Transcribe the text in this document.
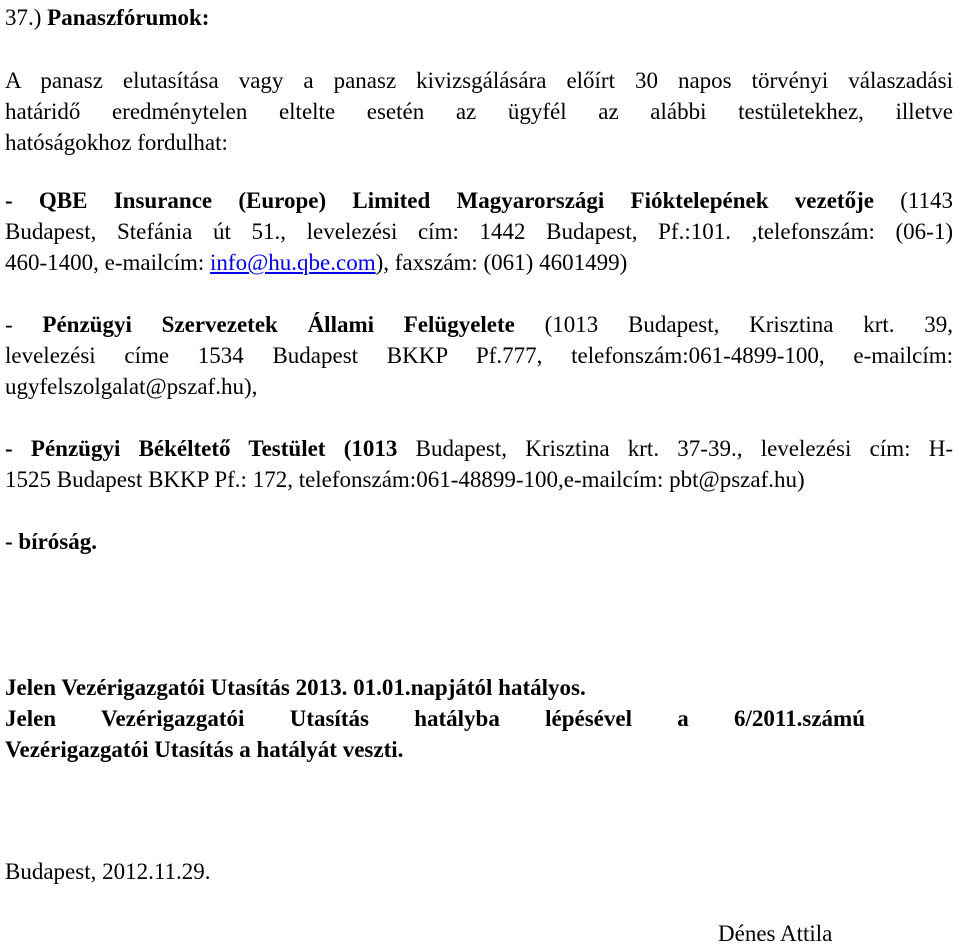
37.) Panaszfórumok:
A panasz elutasítása vagy a panasz kivizsgálására előírt 30 napos törvényi válaszadási
határidő eredménytelen eltelte esetén az ügyfél az alábbi testületekhez, illetve
hatóságokhoz fordulhat:
- QBE Insurance (Europe) Limited Magyarországi Fióktelepének vezetője (1143
Budapest, Stefánia út 51., levelezési cím: 1442 Budapest, Pf.:101. ,telefonszám: (06-1)
460-1400, e-mailcím: info@hu.qbe.com), faxszám: (061) 4601499)
- Pénzügyi Szervezetek Állami Felügyelete (1013 Budapest, Krisztina krt. 39,
levelezési címe 1534 Budapest BKKP Pf.777, telefonszám:061-4899-100, e-mailcím:
ugyfelszolgalat@pszaf.hu),
- Pénzügyi Békéltető Testület (1013 Budapest, Krisztina krt. 37-39., levelezési cím: H-
1525 Budapest BKKP Pf.: 172, telefonszám:061-48899-100,e-mailcím: pbt@pszaf.hu)
- bíróság.
Jelen Vezérigazgatói Utasítás 2013. 01.01.napjától hatályos.
Jelen Vezérigazgatói Utasítás hatályba lépésével a 6/2011.számú
Vezérigazgatói Utasítás a hatályát veszti.
Budapest, 2012.11.29.
Dénes Attila
